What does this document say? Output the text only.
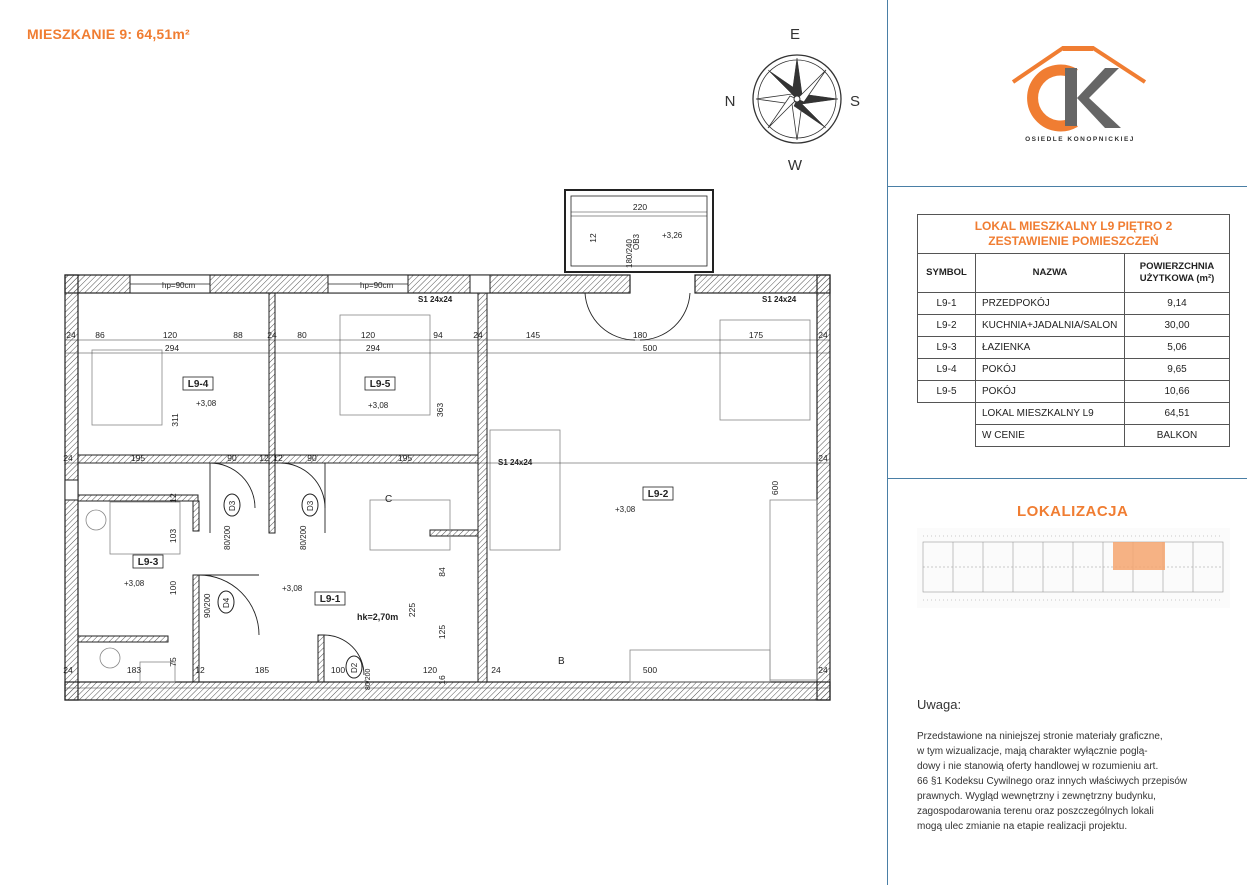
MIESZKANIE 9: 64,51m²	E
N	S
W
OSIEDLE KONOPNICKIEJ
LOKAL MIESZKALNY L9 PIĘTRO 2
ZESTAWIENIE POMIESZCZEŃ		

SYMBOL	NAZWA	POWIERZCHNIA
UŻYTKOWA (m²)

L9-1	PRZEDPOKÓJ	9,14
L9-2	KUCHNIA+JADALNIA/SALON	30,00
L9-3	ŁAZIENKA	5,06
L9-4	POKÓJ	9,65
L9-5	POKÓJ	10,66
	LOKAL MIESZKALNY L9	64,51
	W CENIE	BALKON
LOKALIZACJA
Uwaga:
Przedstawione na niniejszej stronie materiały graficzne,
w tym wizualizacje, mają charakter wyłącznie poglą-
dowy i nie stanowią oferty handlowej w rozumieniu art.
66 §1 Kodeksu Cywilnego oraz innych właściwych przepisów
prawnych. Wygląd wewnętrzny i zewnętrzny budynku,
zagospodarowania terenu oraz poszczególnych lokali
mogą ulec zmianie na etapie realizacji projektu.
L9-4	L9-5
L9-2
L9-3
L9-1
+3,08	+3,08
+3,08
+3,08
+3,08
+3,26
hp=90cm	hp=90cm
S1 24x24	S1 24x24
S1 24x24
hk=2,70m
B
C
OB3
180/240
D3
80/200
D3
80/200
D4
90/200
D2
80/200
24 86	120	88	24 80	120	94	24	145	180	175	24
294	294	500
24	195	90	12 12	90	195	24
24	183	12	185	100	120	24	500	24
311
363
600
103
100
75
84
225
125
16
12
12
220
